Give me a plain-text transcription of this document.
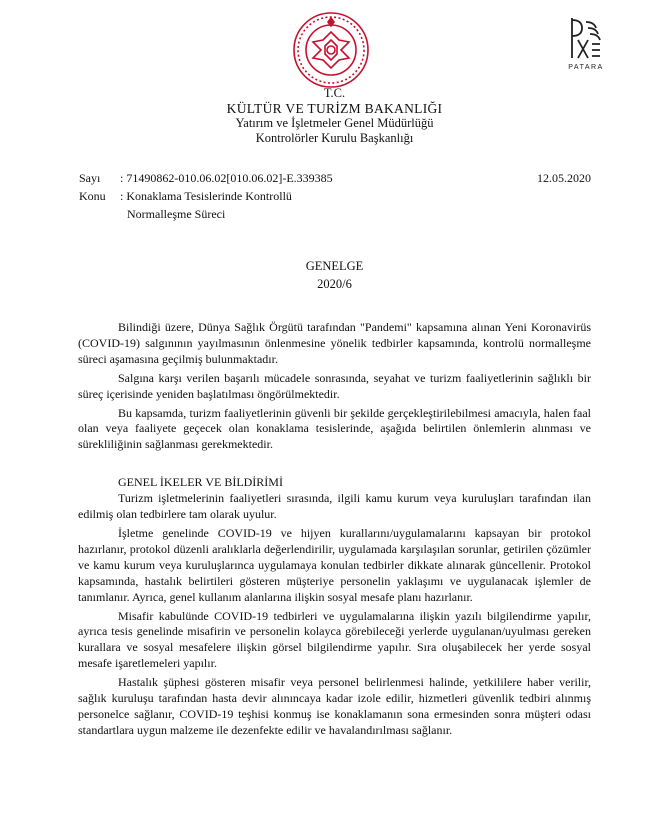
PATARA
T.C.
KÜLTÜR VE TURİZM BAKANLIĞI
Yatırım ve İşletmeler Genel Müdürlüğü
Kontrolörler Kurulu Başkanlığı
Sayı : 71490862-010.06.02[010.06.02]-E.339385	12.05.2020
Konu : Konaklama Tesislerinde Kontrollü
Normalleşme Süreci
GENELGE
2020/6

Bilindiği üzere, Dünya Sağlık Örgütü tarafından "Pandemi" kapsamına alınan Yeni Koronavirüs (COVID-19) salgınının yayılmasının önlenmesine yönelik tedbirler kapsamında, kontrolü normalleşme süreci aşamasına geçilmiş bulunmaktadır.

Salgına karşı verilen başarılı mücadele sonrasında, seyahat ve turizm faaliyetlerinin sağlıklı bir süreç içerisinde yeniden başlatılması öngörülmektedir.

Bu kapsamda, turizm faaliyetlerinin güvenli bir şekilde gerçekleştirilebilmesi amacıyla, halen faal olan veya faaliyete geçecek olan konaklama tesislerinde, aşağıda belirtilen önlemlerin alınması ve sürekliliğinin sağlanması gerekmektedir.

GENEL İKELER VE BİLDİRİMİ

Turizm işletmelerinin faaliyetleri sırasında, ilgili kamu kurum veya kuruluşları tarafından ilan edilmiş olan tedbirlere tam olarak uyulur.

İşletme genelinde COVID-19 ve hijyen kurallarını/uygulamalarını kapsayan bir protokol hazırlanır, protokol düzenli aralıklarla değerlendirilir, uygulamada karşılaşılan sorunlar, getirilen çözümler ve kamu kurum veya kuruluşlarınca uygulamaya konulan tedbirler dikkate alınarak güncellenir. Protokol kapsamında, hastalık belirtileri gösteren müşteriye personelin yaklaşımı ve uygulanacak işlemler de tanımlanır. Ayrıca, genel kullanım alanlarına ilişkin sosyal mesafe planı hazırlanır.

Misafir kabulünde COVID-19 tedbirleri ve uygulamalarına ilişkin yazılı bilgilendirme yapılır, ayrıca tesis genelinde misafirin ve personelin kolayca görebileceği yerlerde uygulanan/uyulması gereken kurallara ve sosyal mesafelere ilişkin görsel bilgilendirme yapılır. Sıra oluşabilecek her yerde sosyal mesafe işaretlemeleri yapılır.

Hastalık şüphesi gösteren misafir veya personel belirlenmesi halinde, yetkililere haber verilir, sağlık kuruluşu tarafından hasta devir alınıncaya kadar izole edilir, hizmetleri güvenlik tedbiri alınmış personelce sağlanır, COVID-19 teşhisi konmuş ise konaklamanın sona ermesinden sonra müşteri odası standartlara uygun malzeme ile dezenfekte edilir ve havalandırılması sağlanır.
